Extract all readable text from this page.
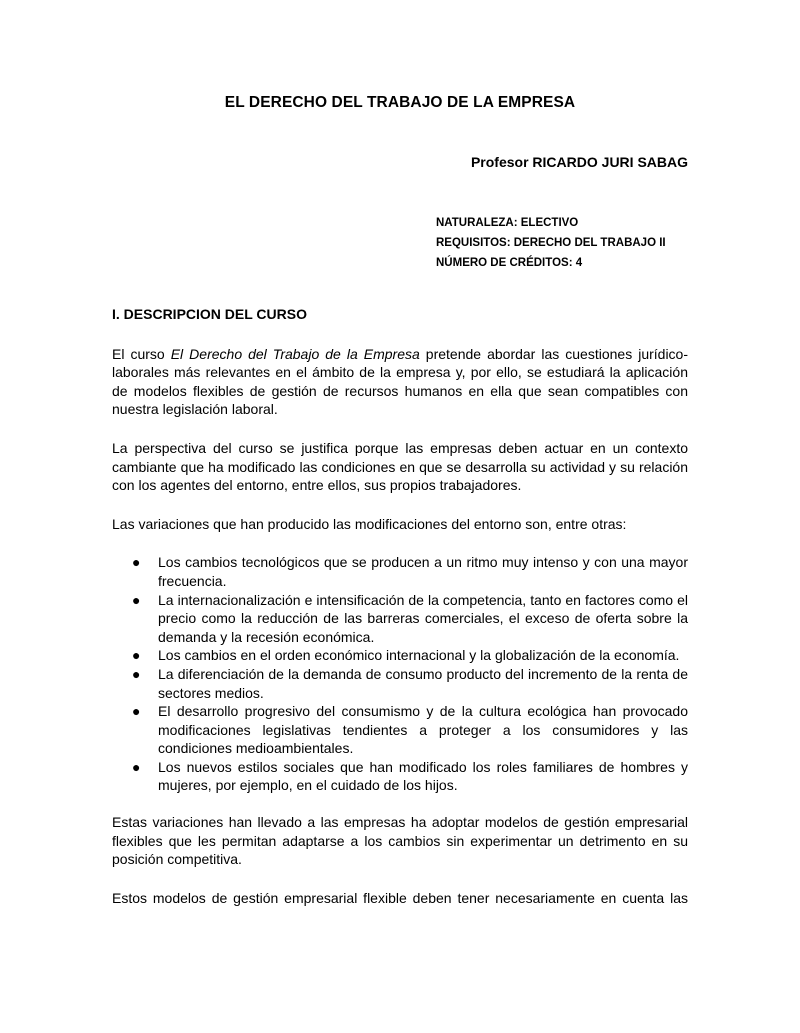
EL DERECHO DEL TRABAJO DE LA EMPRESA
Profesor RICARDO JURI SABAG
NATURALEZA: ELECTIVO
REQUISITOS: DERECHO DEL TRABAJO II
NÚMERO DE CRÉDITOS: 4
I. DESCRIPCION DEL CURSO

El curso El Derecho del Trabajo de la Empresa pretende abordar las cuestiones jurídico-laborales más relevantes en el ámbito de la empresa y, por ello, se estudiará la aplicación de modelos flexibles de gestión de recursos humanos en ella que sean compatibles con nuestra legislación laboral.

La perspectiva del curso se justifica porque las empresas deben actuar en un contexto cambiante que ha modificado las condiciones en que se desarrolla su actividad y su relación con los agentes del entorno, entre ellos, sus propios trabajadores.

Las variaciones que han producido las modificaciones del entorno son, entre otras:

● Los cambios tecnológicos que se producen a un ritmo muy intenso y con una mayor frecuencia.
● La internacionalización e intensificación de la competencia, tanto en factores como el precio como la reducción de las barreras comerciales, el exceso de oferta sobre la demanda y la recesión económica.
● Los cambios en el orden económico internacional y la globalización de la economía.
● La diferenciación de la demanda de consumo producto del incremento de la renta de sectores medios.
● El desarrollo progresivo del consumismo y de la cultura ecológica han provocado modificaciones legislativas tendientes a proteger a los consumidores y las condiciones medioambientales.
● Los nuevos estilos sociales que han modificado los roles familiares de hombres y mujeres, por ejemplo, en el cuidado de los hijos.

Estas variaciones han llevado a las empresas ha adoptar modelos de gestión empresarial flexibles que les permitan adaptarse a los cambios sin experimentar un detrimento en su posición competitiva.

Estos modelos de gestión empresarial flexible deben tener necesariamente en cuenta las
